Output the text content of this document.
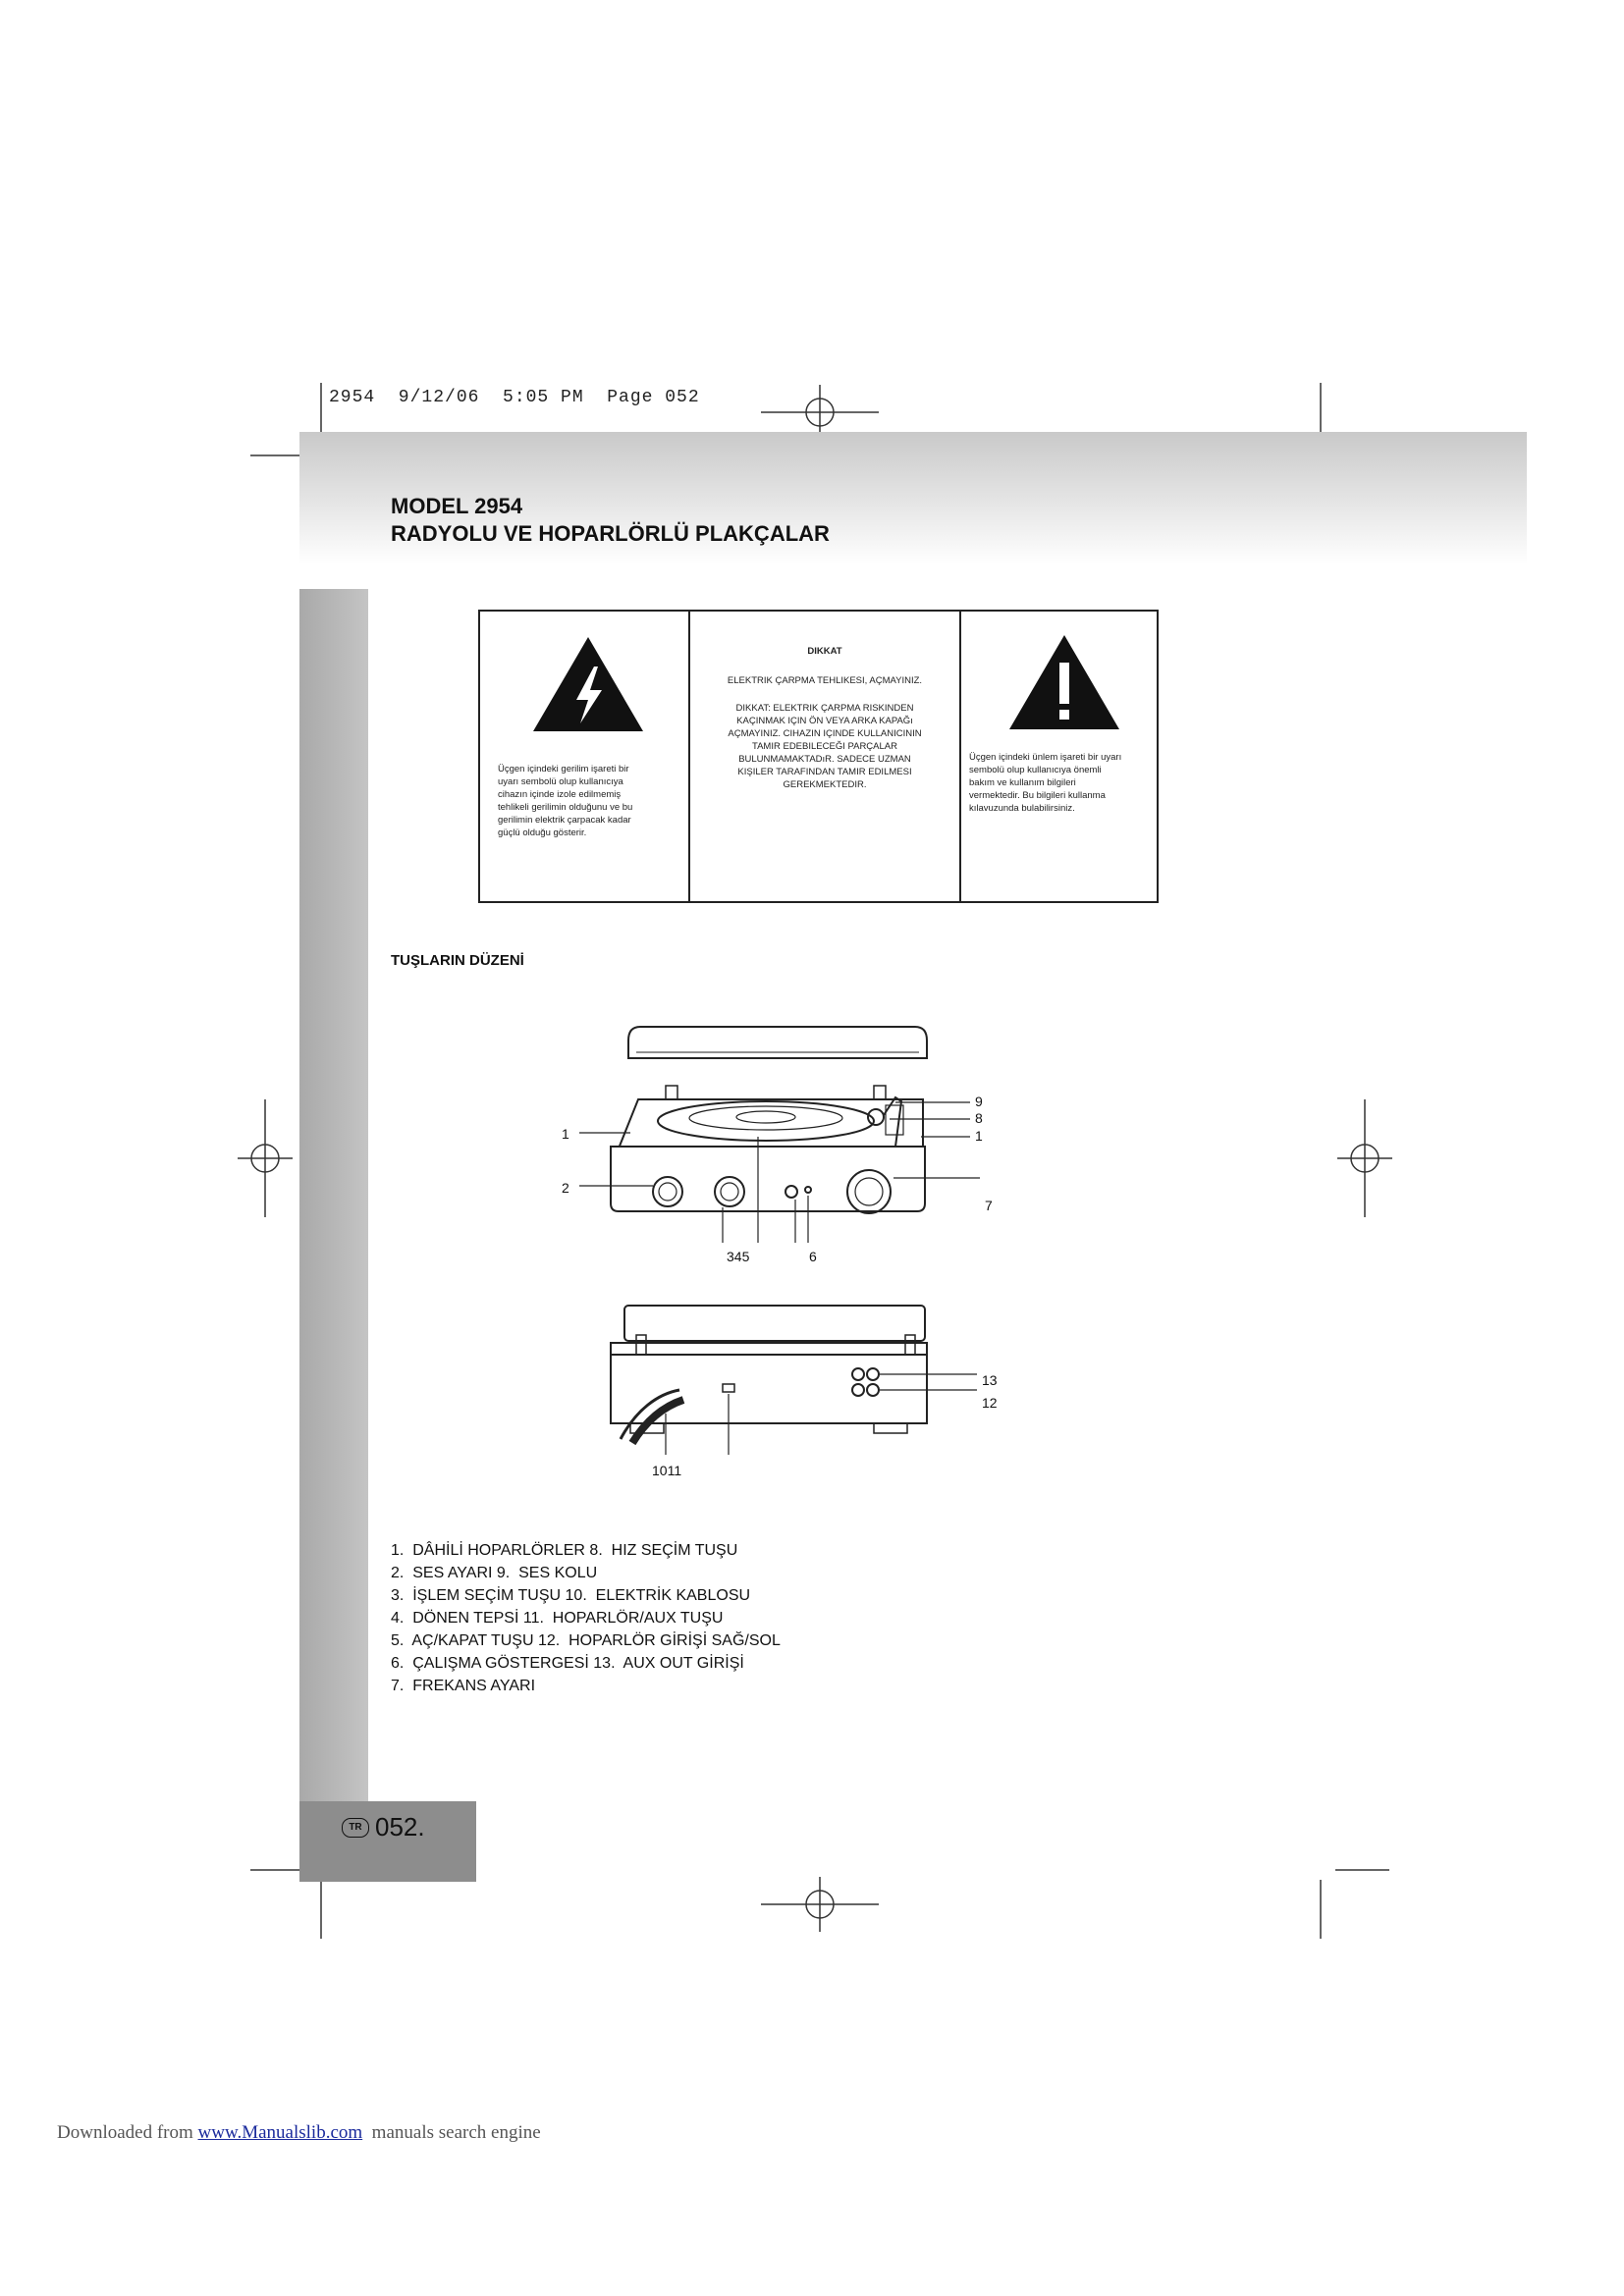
2954  9/12/06  5:05 PM  Page 052
MODEL 2954
RADYOLU VE HOPARLÖRLÜ PLAKÇALAR
Üçgen içindeki gerilim işareti bir
uyarı sembolü olup kullanıcıya
cihazın içinde izole edilmemiş
tehlikeli gerilimin olduğunu ve bu
gerilimin elektrik çarpacak kadar
güçlü olduğu gösterir.
DIKKAT
ELEKTRIK ÇARPMA TEHLIKESI, AÇMAYINIZ.
DIKKAT: ELEKTRIK ÇARPMA RISKINDEN
KAÇINMAK IÇIN ÖN VEYA ARKA KAPAĞı
AÇMAYINIZ. CIHAZIN IÇINDE KULLANICININ
TAMIR EDEBILECEĞI PARÇALAR
BULUNMAMAKTADıR. SADECE UZMAN
KIŞILER TARAFINDAN TAMIR EDILMESI
GEREKMEKTEDIR.
Üçgen içindeki ünlem işareti bir uyarı
sembolü olup kullanıcıya önemli
bakım ve kullanım bilgileri
vermektedir. Bu bilgileri kullanma
kılavuzunda bulabilirsiniz.
TUŞLARIN DÜZENİ
1
2
345	6
7
9
8
1
13
12
1011
1.  DÂHİLİ HOPARLÖRLER 8.  HIZ SEÇİM TUŞU
2.  SES AYARI 9.  SES KOLU
3.  İŞLEM SEÇİM TUŞU 10.  ELEKTRİK KABLOSU
4.  DÖNEN TEPSİ 11.  HOPARLÖR/AUX TUŞU
5.  AÇ/KAPAT TUŞU 12.  HOPARLÖR GİRİŞİ SAĞ/SOL
6.  ÇALIŞMA GÖSTERGESİ 13.  AUX OUT GİRİŞİ
7.  FREKANS AYARI
TR 052.
Downloaded from www.Manualslib.com  manuals search engine
